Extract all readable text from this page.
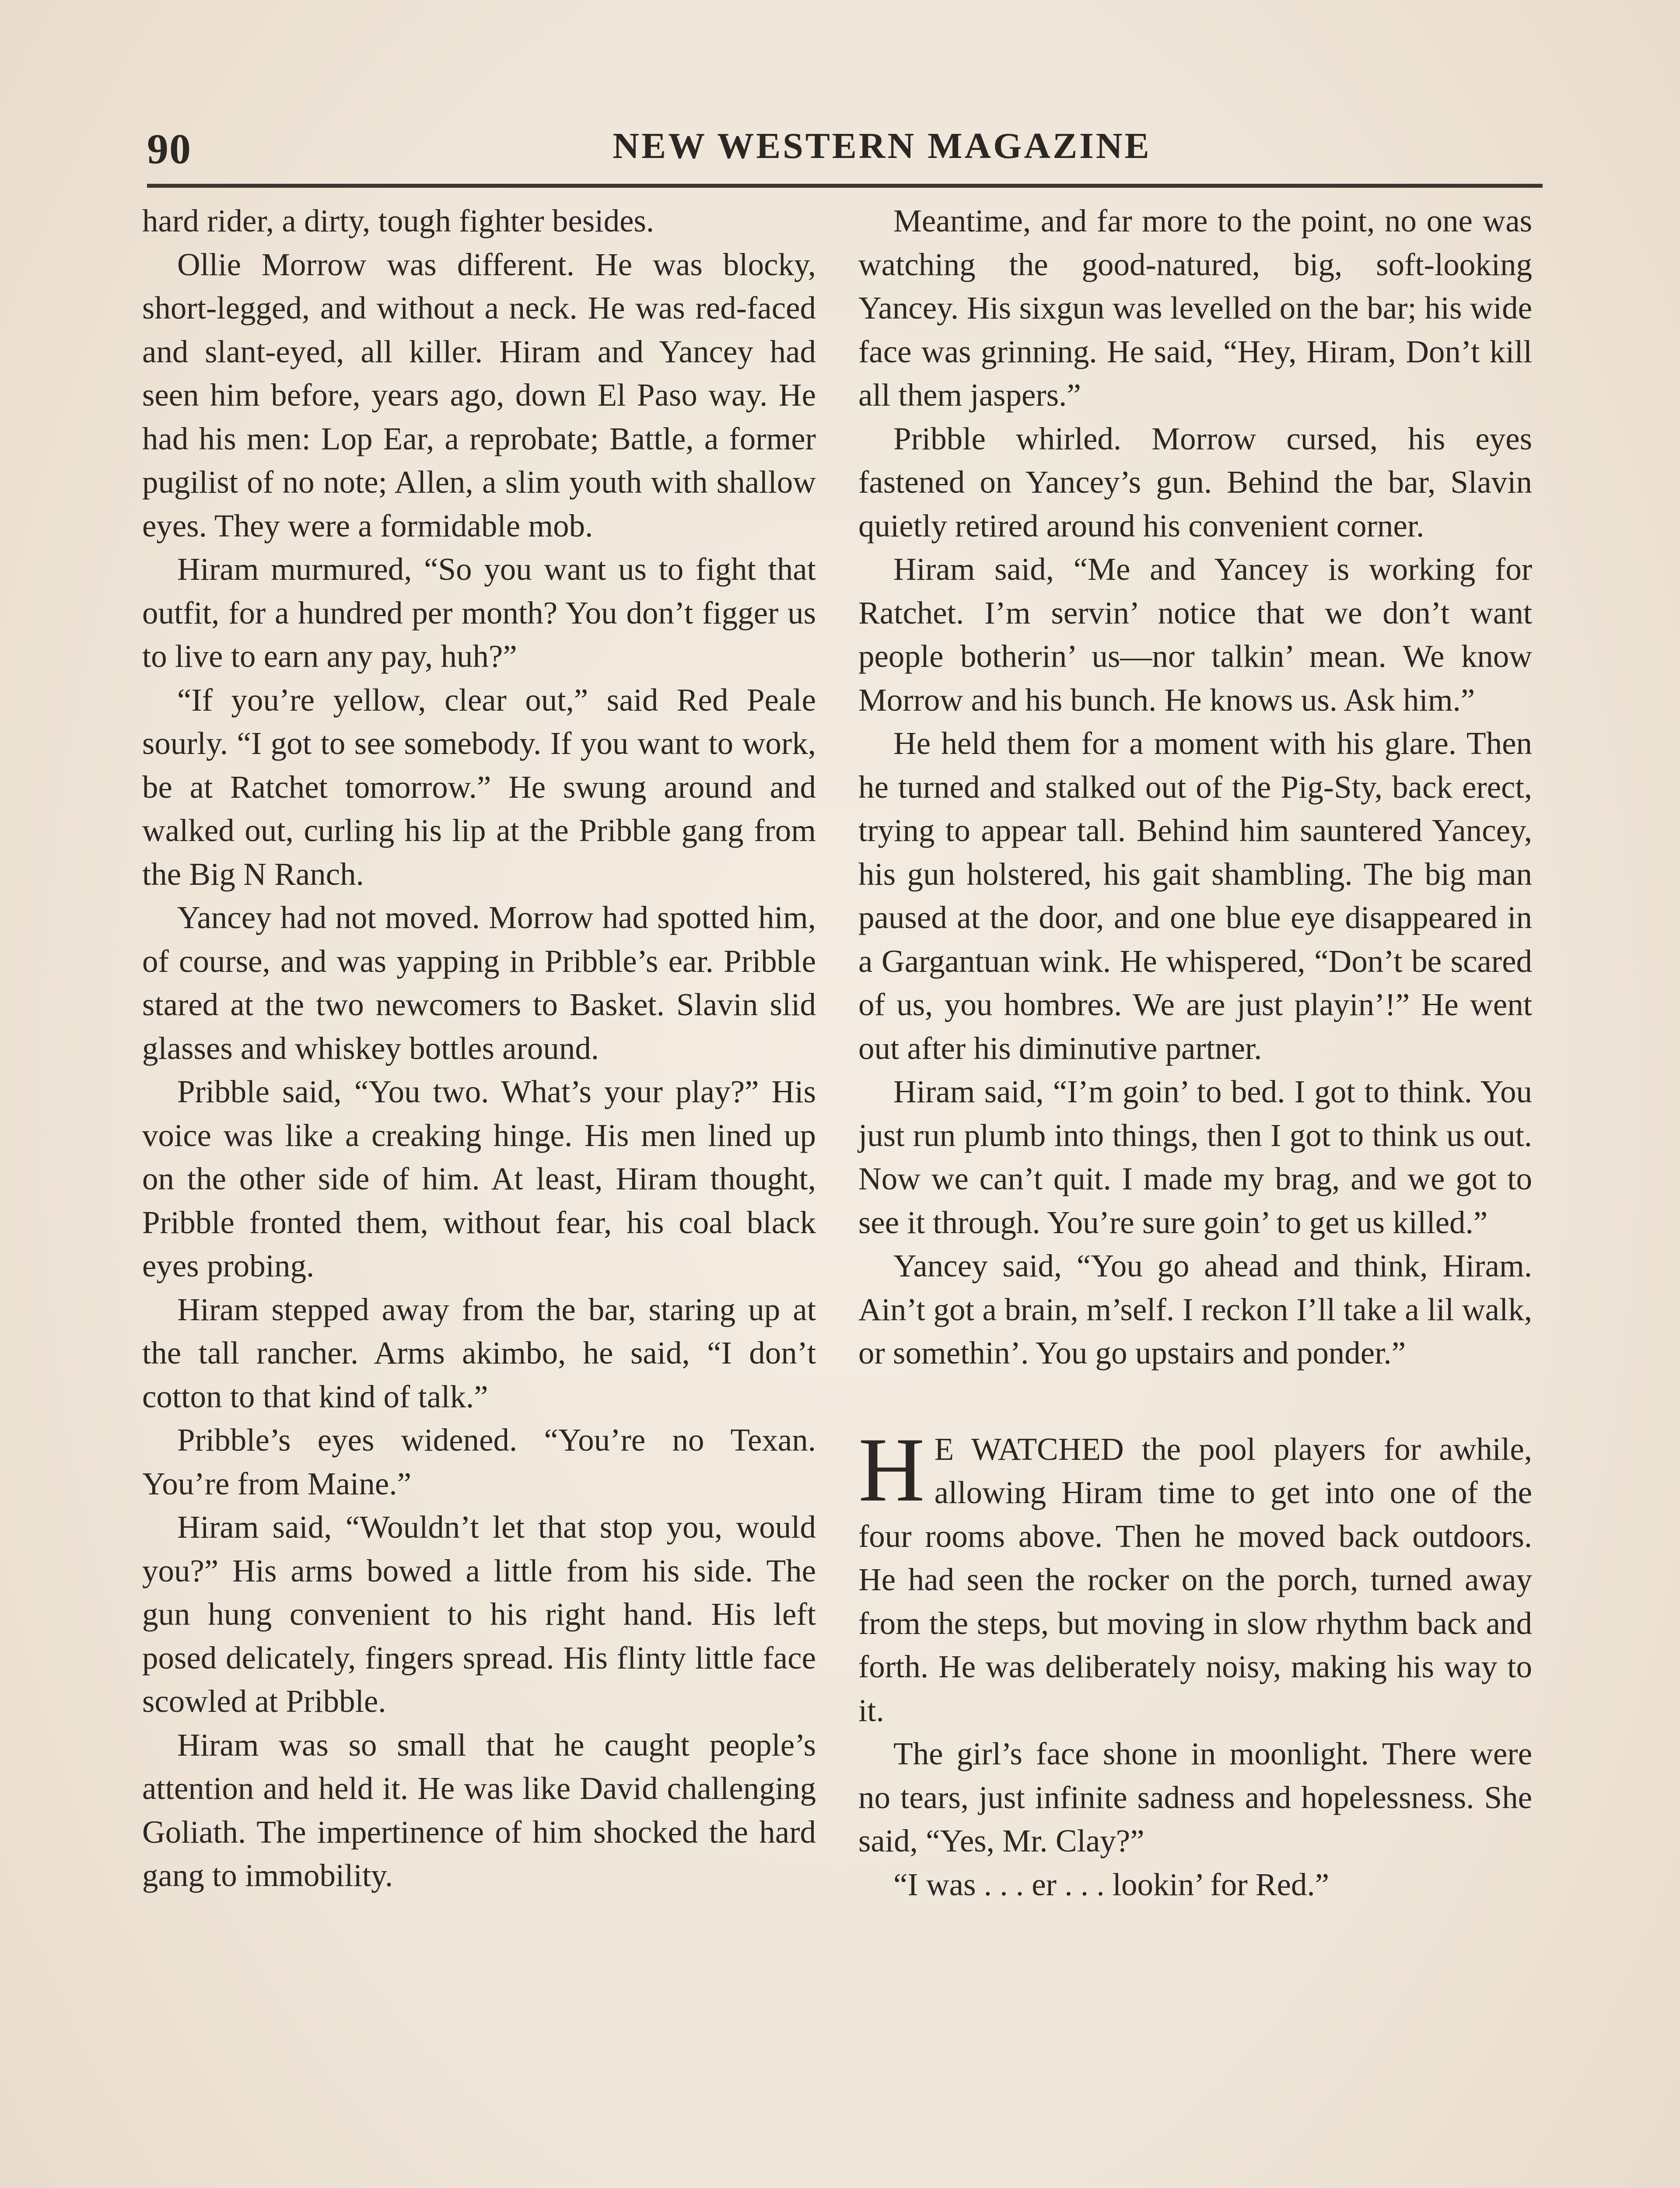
90	NEW WESTERN MAGAZINE

hard rider, a dirty, tough fighter besides.

Ollie Morrow was different. He was blocky, short-legged, and without a neck. He was red-faced and slant-eyed, all killer. Hiram and Yancey had seen him before, years ago, down El Paso way. He had his men: Lop Ear, a reprobate; Battle, a former pugilist of no note; Allen, a slim youth with shallow eyes. They were a formidable mob.

Hiram murmured, “So you want us to fight that outfit, for a hundred per month? You don’t figger us to live to earn any pay, huh?”

“If you’re yellow, clear out,” said Red Peale sourly. “I got to see somebody. If you want to work, be at Ratchet tomorrow.” He swung around and walked out, curling his lip at the Pribble gang from the Big N Ranch.

Yancey had not moved. Morrow had spotted him, of course, and was yapping in Pribble’s ear. Pribble stared at the two newcomers to Basket. Slavin slid glasses and whiskey bottles around.

Pribble said, “You two. What’s your play?” His voice was like a creaking hinge. His men lined up on the other side of him. At least, Hiram thought, Pribble fronted them, without fear, his coal black eyes probing.

Hiram stepped away from the bar, staring up at the tall rancher. Arms akimbo, he said, “I don’t cotton to that kind of talk.”

Pribble’s eyes widened. “You’re no Texan. You’re from Maine.”

Hiram said, “Wouldn’t let that stop you, would you?” His arms bowed a little from his side. The gun hung convenient to his right hand. His left posed delicately, fingers spread. His flinty little face scowled at Pribble.

Hiram was so small that he caught people’s attention and held it. He was like David challenging Goliath. The impertinence of him shocked the hard gang to immobility.

Meantime, and far more to the point, no one was watching the good-natured, big, soft-looking Yancey. His sixgun was levelled on the bar; his wide face was grinning. He said, “Hey, Hiram, Don’t kill all them jaspers.”

Pribble whirled. Morrow cursed, his eyes fastened on Yancey’s gun. Behind the bar, Slavin quietly retired around his convenient corner.

Hiram said, “Me and Yancey is working for Ratchet. I’m servin’ notice that we don’t want people botherin’ us—nor talkin’ mean. We know Morrow and his bunch. He knows us. Ask him.”

He held them for a moment with his glare. Then he turned and stalked out of the Pig-Sty, back erect, trying to appear tall. Behind him sauntered Yancey, his gun holstered, his gait shambling. The big man paused at the door, and one blue eye disappeared in a Gargantuan wink. He whispered, “Don’t be scared of us, you hombres. We are just playin’!” He went out after his diminutive partner.

Hiram said, “I’m goin’ to bed. I got to think. You just run plumb into things, then I got to think us out. Now we can’t quit. I made my brag, and we got to see it through. You’re sure goin’ to get us killed.”

Yancey said, “You go ahead and think, Hiram. Ain’t got a brain, m’self. I reckon I’ll take a lil walk, or somethin’. You go upstairs and ponder.”

H E WATCHED the pool players for awhile, allowing Hiram time to get into one of the four rooms above. Then he moved back outdoors. He had seen the rocker on the porch, turned away from the steps, but moving in slow rhythm back and forth. He was deliberately noisy, making his way to it.

The girl’s face shone in moonlight. There were no tears, just infinite sadness and hopelessness. She said, “Yes, Mr. Clay?”

“I was . . . er . . . lookin’ for Red.”
